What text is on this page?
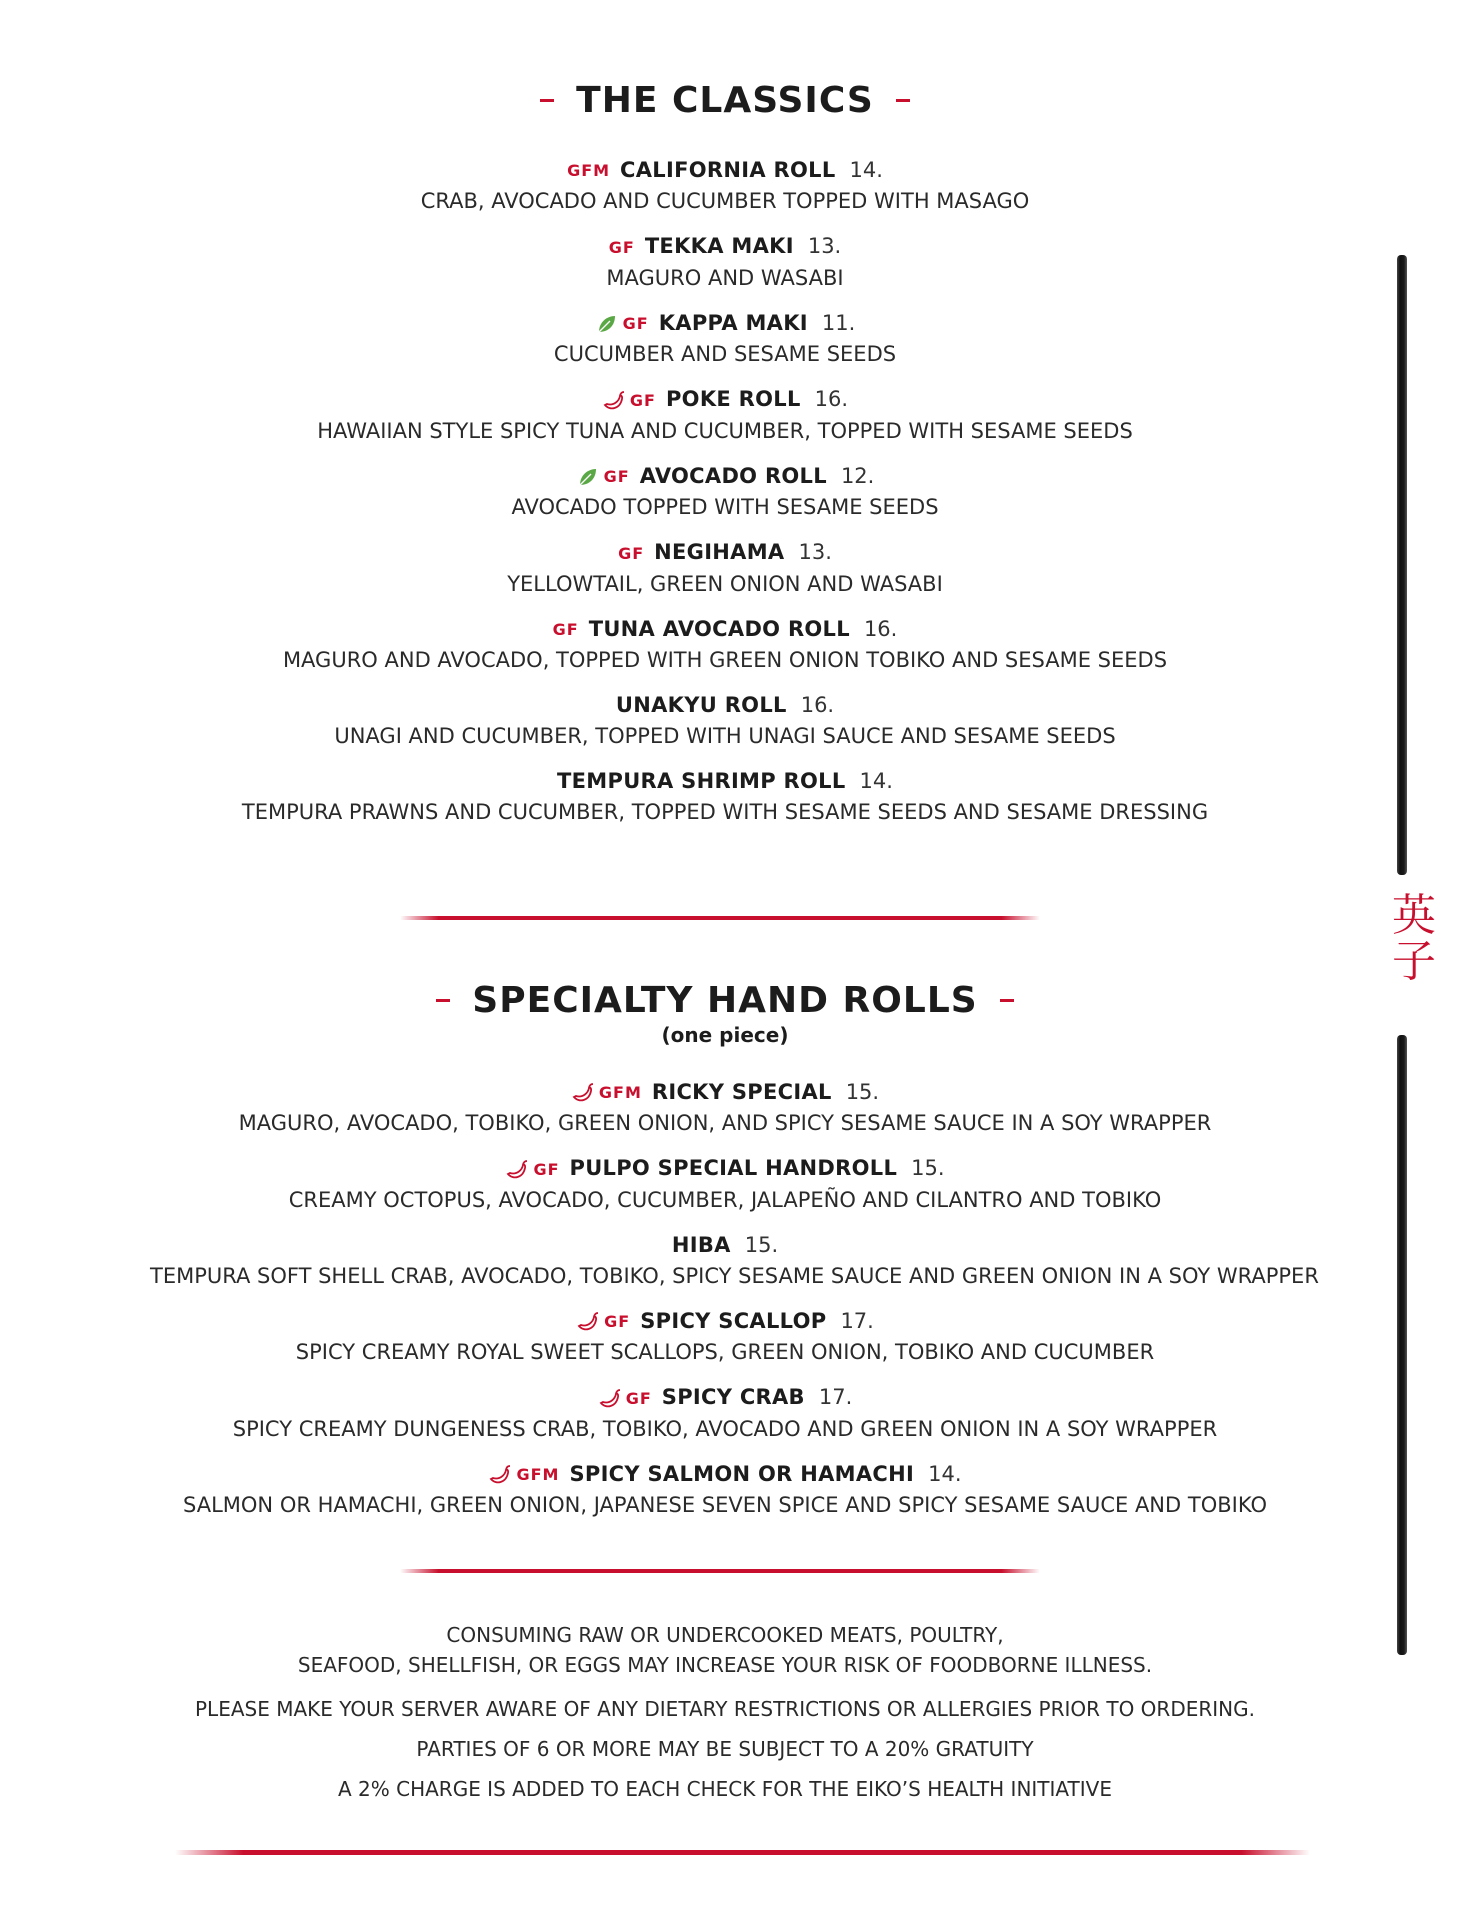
THE CLASSICS
GFM CALIFORNIA ROLL 14.
CRAB, AVOCADO AND CUCUMBER TOPPED WITH MASAGO
GF TEKKA MAKI 13.
MAGURO AND WASABI
GF KAPPA MAKI 11.
CUCUMBER AND SESAME SEEDS
GF POKE ROLL 16.
HAWAIIAN STYLE SPICY TUNA AND CUCUMBER, TOPPED WITH SESAME SEEDS
GF AVOCADO ROLL 12.
AVOCADO TOPPED WITH SESAME SEEDS
GF NEGIHAMA 13.
YELLOWTAIL, GREEN ONION AND WASABI
GF TUNA AVOCADO ROLL 16.
MAGURO AND AVOCADO, TOPPED WITH GREEN ONION TOBIKO AND SESAME SEEDS
UNAKYU ROLL 16.
UNAGI AND CUCUMBER, TOPPED WITH UNAGI SAUCE AND SESAME SEEDS
TEMPURA SHRIMP ROLL 14.
TEMPURA PRAWNS AND CUCUMBER, TOPPED WITH SESAME SEEDS AND SESAME DRESSING
SPECIALTY HAND ROLLS
(one piece)
GFM RICKY SPECIAL 15.
MAGURO, AVOCADO, TOBIKO, GREEN ONION, AND SPICY SESAME SAUCE IN A SOY WRAPPER
GF PULPO SPECIAL HANDROLL 15.
CREAMY OCTOPUS, AVOCADO, CUCUMBER, JALAPEÑO AND CILANTRO AND TOBIKO
HIBA 15.
TEMPURA SOFT SHELL CRAB, AVOCADO, TOBIKO, SPICY SESAME SAUCE AND GREEN ONION IN A SOY WRAPPER
GF SPICY SCALLOP 17.
SPICY CREAMY ROYAL SWEET SCALLOPS, GREEN ONION, TOBIKO AND CUCUMBER
GF SPICY CRAB 17.
SPICY CREAMY DUNGENESS CRAB, TOBIKO, AVOCADO AND GREEN ONION IN A SOY WRAPPER
GFM SPICY SALMON OR HAMACHI 14.
SALMON OR HAMACHI, GREEN ONION, JAPANESE SEVEN SPICE AND SPICY SESAME SAUCE AND TOBIKO
CONSUMING RAW OR UNDERCOOKED MEATS, POULTRY,
SEAFOOD, SHELLFISH, OR EGGS MAY INCREASE YOUR RISK OF FOODBORNE ILLNESS.
PLEASE MAKE YOUR SERVER AWARE OF ANY DIETARY RESTRICTIONS OR ALLERGIES PRIOR TO ORDERING.
PARTIES OF 6 OR MORE MAY BE SUBJECT TO A 20% GRATUITY
A 2% CHARGE IS ADDED TO EACH CHECK FOR THE EIKO’S HEALTH INITIATIVE
英
子
